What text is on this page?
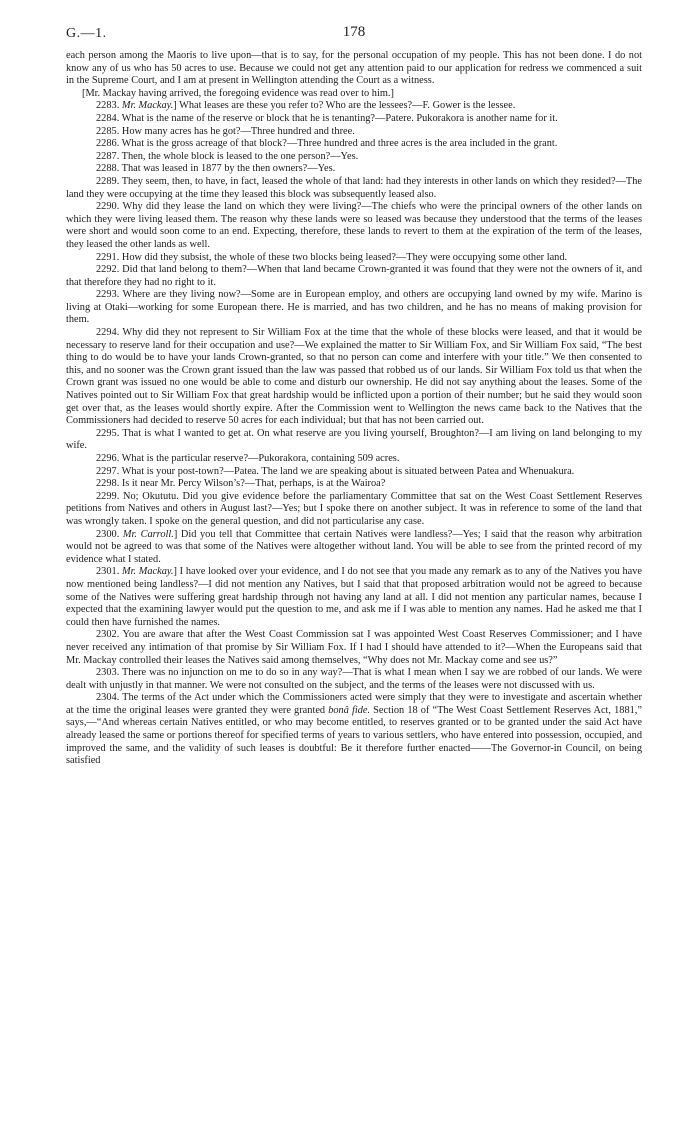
G.—1.	178

each person among the Maoris to live upon—that is to say, for the personal occupation of my people. This has not been done. I do not know any of us who has 50 acres to use. Because we could not get any attention paid to our application for redress we commenced a suit in the Supreme Court, and I am at present in Wellington attending the Court as a witness.

[Mr. Mackay having arrived, the foregoing evidence was read over to him.]

2283. Mr. Mackay.] What leases are these you refer to? Who are the lessees?—F. Gower is the lessee.

2284. What is the name of the reserve or block that he is tenanting?—Patere. Pukorakora is another name for it.

2285. How many acres has he got?—Three hundred and three.

2286. What is the gross acreage of that block?—Three hundred and three acres is the area included in the grant.

2287. Then, the whole block is leased to the one person?—Yes.

2288. That was leased in 1877 by the then owners?—Yes.

2289. They seem, then, to have, in fact, leased the whole of that land: had they interests in other lands on which they resided?—The land they were occupying at the time they leased this block was subsequently leased also.

2290. Why did they lease the land on which they were living?—The chiefs who were the principal owners of the other lands on which they were living leased them. The reason why these lands were so leased was because they understood that the terms of the leases were short and would soon come to an end. Expecting, therefore, these lands to revert to them at the expiration of the term of the leases, they leased the other lands as well.

2291. How did they subsist, the whole of these two blocks being leased?—They were occupying some other land.

2292. Did that land belong to them?—When that land became Crown-granted it was found that they were not the owners of it, and that therefore they had no right to it.

2293. Where are they living now?—Some are in European employ, and others are occupying land owned by my wife. Marino is living at Otaki—working for some European there. He is married, and has two children, and he has no means of making provision for them.

2294. Why did they not represent to Sir William Fox at the time that the whole of these blocks were leased, and that it would be necessary to reserve land for their occupation and use?—We explained the matter to Sir William Fox, and Sir William Fox said, “The best thing to do would be to have your lands Crown-granted, so that no person can come and interfere with your title.” We then consented to this, and no sooner was the Crown grant issued than the law was passed that robbed us of our lands. Sir William Fox told us that when the Crown grant was issued no one would be able to come and disturb our ownership. He did not say anything about the leases. Some of the Natives pointed out to Sir William Fox that great hardship would be inflicted upon a portion of their number; but he said they would soon get over that, as the leases would shortly expire. After the Commission went to Wellington the news came back to the Natives that the Commissioners had decided to reserve 50 acres for each individual; but that has not been carried out.

2295. That is what I wanted to get at. On what reserve are you living yourself, Broughton?—I am living on land belonging to my wife.

2296. What is the particular reserve?—Pukorakora, containing 509 acres.

2297. What is your post-town?—Patea. The land we are speaking about is situated between Patea and Whenuakura.

2298. Is it near Mr. Percy Wilson’s?—That, perhaps, is at the Wairoa?

2299. No; Okututu. Did you give evidence before the parliamentary Committee that sat on the West Coast Settlement Reserves petitions from Natives and others in August last?—Yes; but I spoke there on another subject. It was in reference to some of the land that was wrongly taken. I spoke on the general question, and did not particularise any case.

2300. Mr. Carroll.] Did you tell that Committee that certain Natives were landless?—Yes; I said that the reason why arbitration would not be agreed to was that some of the Natives were altogether without land. You will be able to see from the printed record of my evidence what I stated.

2301. Mr. Mackay.] I have looked over your evidence, and I do not see that you made any remark as to any of the Natives you have now mentioned being landless?—I did not mention any Natives, but I said that that proposed arbitration would not be agreed to because some of the Natives were suffering great hardship through not having any land at all. I did not mention any particular names, because I expected that the examining lawyer would put the question to me, and ask me if I was able to mention any names. Had he asked me that I could then have furnished the names.

2302. You are aware that after the West Coast Commission sat I was appointed West Coast Reserves Commissioner; and I have never received any intimation of that promise by Sir William Fox. If I had I should have attended to it?—When the Europeans said that Mr. Mackay controlled their leases the Natives said among themselves, “Why does not Mr. Mackay come and see us?”

2303. There was no injunction on me to do so in any way?—That is what I mean when I say we are robbed of our lands. We were dealt with unjustly in that manner. We were not consulted on the subject, and the terms of the leases were not discussed with us.

2304. The terms of the Act under which the Commissioners acted were simply that they were to investigate and ascertain whether at the time the original leases were granted they were granted bonâ fide. Section 18 of “The West Coast Settlement Reserves Act, 1881,” says,—“And whereas certain Natives entitled, or who may become entitled, to reserves granted or to be granted under the said Act have already leased the same or portions thereof for specified terms of years to various settlers, who have entered into possession, occupied, and improved the same, and the validity of such leases is doubtful: Be it therefore further enacted——The Governor-in Council, on being satisfied
